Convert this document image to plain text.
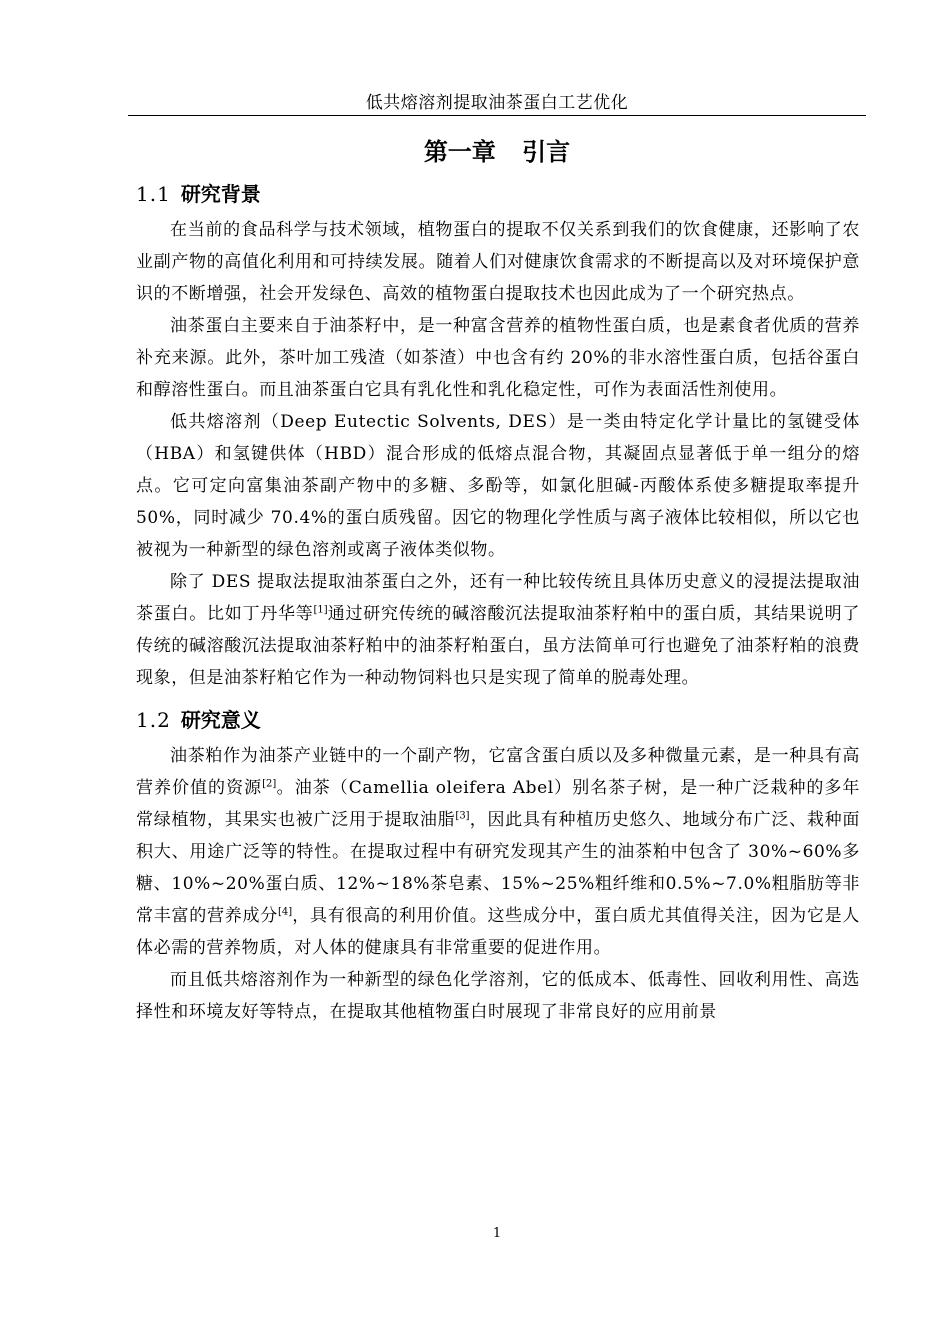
低共熔溶剂提取油茶蛋白工艺优化
第一章 引言
1.1 研究背景

在当前的食品科学与技术领域，植物蛋白的提取不仅关系到我们的饮食健康，还影响了农业副产物的高值化利用和可持续发展。随着人们对健康饮食需求的不断提高以及对环境保护意识的不断增强，社会开发绿色、高效的植物蛋白提取技术也因此成为了一个研究热点。

油茶蛋白主要来自于油茶籽中，是一种富含营养的植物性蛋白质，也是素食者优质的营养补充来源。此外，茶叶加工残渣（如茶渣）中也含有约 20%的非水溶性蛋白质，包括谷蛋白和醇溶性蛋白。而且油茶蛋白它具有乳化性和乳化稳定性，可作为表面活性剂使用。

低共熔溶剂（Deep Eutectic Solvents, DES）是一类由特定化学计量比的氢键受体（HBA）和氢键供体（HBD）混合形成的低熔点混合物，其凝固点显著低于单一组分的熔点。它可定向富集油茶副产物中的多糖、多酚等，如氯化胆碱-丙酸体系使多糖提取率提升 50%，同时减少 70.4%的蛋白质残留。因它的物理化学性质与离子液体比较相似，所以它也被视为一种新型的绿色溶剂或离子液体类似物。

除了 DES 提取法提取油茶蛋白之外，还有一种比较传统且具体历史意义的浸提法提取油茶蛋白。比如丁丹华等[1]通过研究传统的碱溶酸沉法提取油茶籽粕中的蛋白质，其结果说明了传统的碱溶酸沉法提取油茶籽粕中的油茶籽粕蛋白，虽方法简单可行也避免了油茶籽粕的浪费现象，但是油茶籽粕它作为一种动物饲料也只是实现了简单的脱毒处理。

1.2 研究意义

油茶粕作为油茶产业链中的一个副产物，它富含蛋白质以及多种微量元素，是一种具有高营养价值的资源[2]。油茶（Camellia oleifera Abel）别名茶子树，是一种广泛栽种的多年常绿植物，其果实也被广泛用于提取油脂[3]，因此具有种植历史悠久、地域分布广泛、栽种面积大、用途广泛等的特性。在提取过程中有研究发现其产生的油茶粕中包含了 30%~60%多糖、10%~20%蛋白质、12%~18%茶皂素、15%~25%粗纤维和0.5%~7.0%粗脂肪等非常丰富的营养成分[4]，具有很高的利用价值。这些成分中，蛋白质尤其值得关注，因为它是人体必需的营养物质，对人体的健康具有非常重要的促进作用。

而且低共熔溶剂作为一种新型的绿色化学溶剂，它的低成本、低毒性、回收利用性、高选择性和环境友好等特点，在提取其他植物蛋白时展现了非常良好的应用前景

1
